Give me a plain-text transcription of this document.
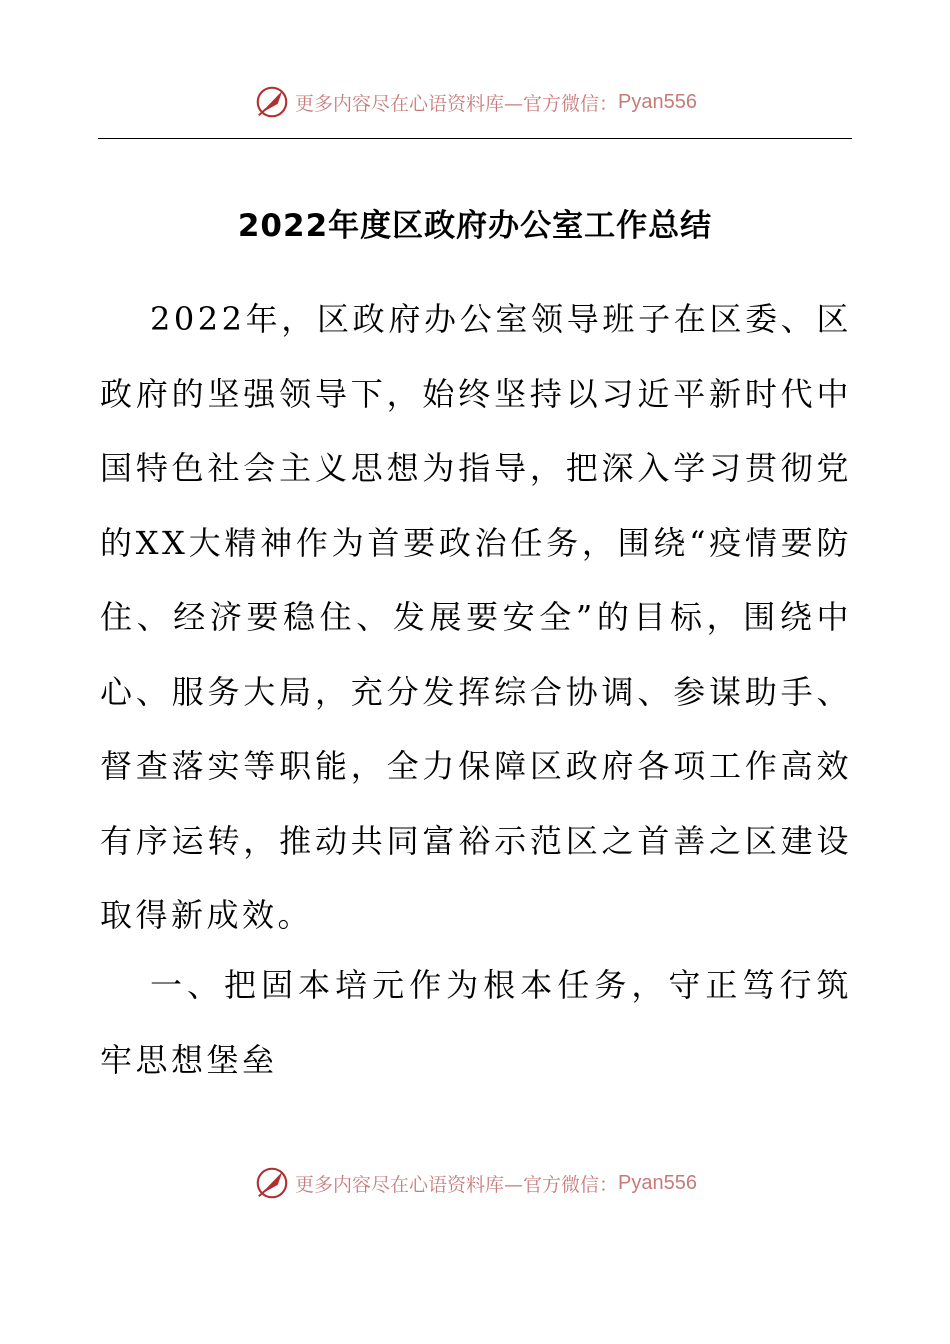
更多内容尽在心语资料库—官方微信： Pyan556
2022年度区政府办公室工作总结
2022年，区政府办公室领导班子在区委、区
政府的坚强领导下，始终坚持以习近平新时代中
国特色社会主义思想为指导，把深入学习贯彻党
的XX大精神作为首要政治任务，围绕“疫情要防
住、经济要稳住、发展要安全”的目标，围绕中
心、服务大局，充分发挥综合协调、参谋助手、
督查落实等职能，全力保障区政府各项工作高效
有序运转，推动共同富裕示范区之首善之区建设
取得新成效。
一、把固本培元作为根本任务，守正笃行筑
牢思想堡垒
更多内容尽在心语资料库—官方微信： Pyan556
